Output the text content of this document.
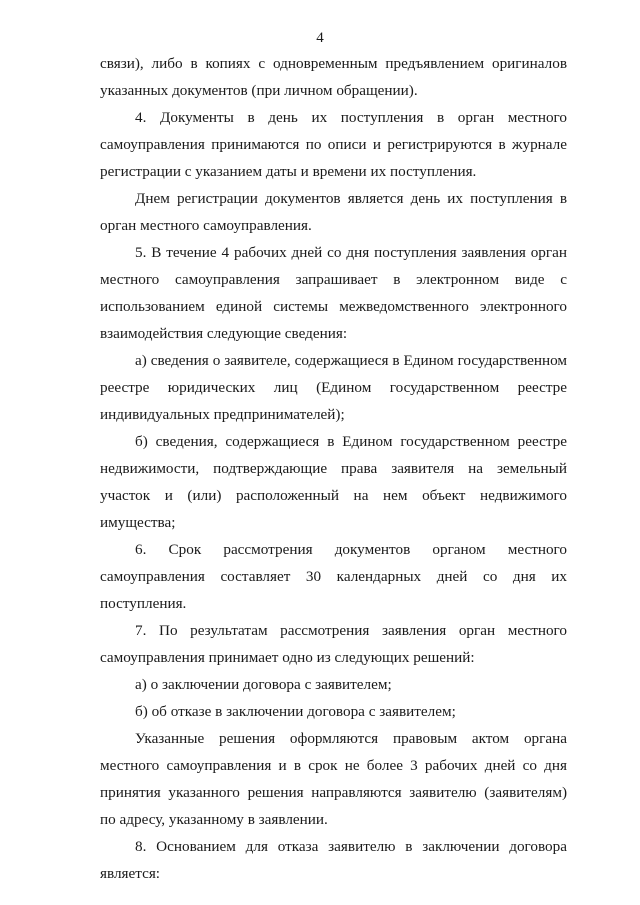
4

связи), либо в копиях с одновременным предъявлением оригиналов указанных документов (при личном обращении).

4. Документы в день их поступления в орган местного самоуправления принимаются по описи и регистрируются в журнале регистрации с указанием даты и времени их поступления.

Днем регистрации документов является день их поступления в орган местного самоуправления.

5. В течение 4 рабочих дней со дня поступления заявления орган местного самоуправления запрашивает в электронном виде с использованием единой системы межведомственного электронного взаимодействия следующие сведения:

а) сведения о заявителе, содержащиеся в Едином государственном реестре юридических лиц (Едином государственном реестре индивидуальных предпринимателей);

б) сведения, содержащиеся в Едином государственном реестре недвижимости, подтверждающие права заявителя на земельный участок и (или) расположенный на нем объект недвижимого имущества;

6. Срок рассмотрения документов органом местного самоуправления составляет 30 календарных дней со дня их поступления.

7. По результатам рассмотрения заявления орган местного самоуправления принимает одно из следующих решений:

а) о заключении договора с заявителем;

б) об отказе в заключении договора с заявителем;

Указанные решения оформляются правовым актом органа местного самоуправления и в срок не более 3 рабочих дней со дня принятия указанного решения направляются заявителю (заявителям) по адресу, указанному в заявлении.

8. Основанием для отказа заявителю в заключении договора является:
